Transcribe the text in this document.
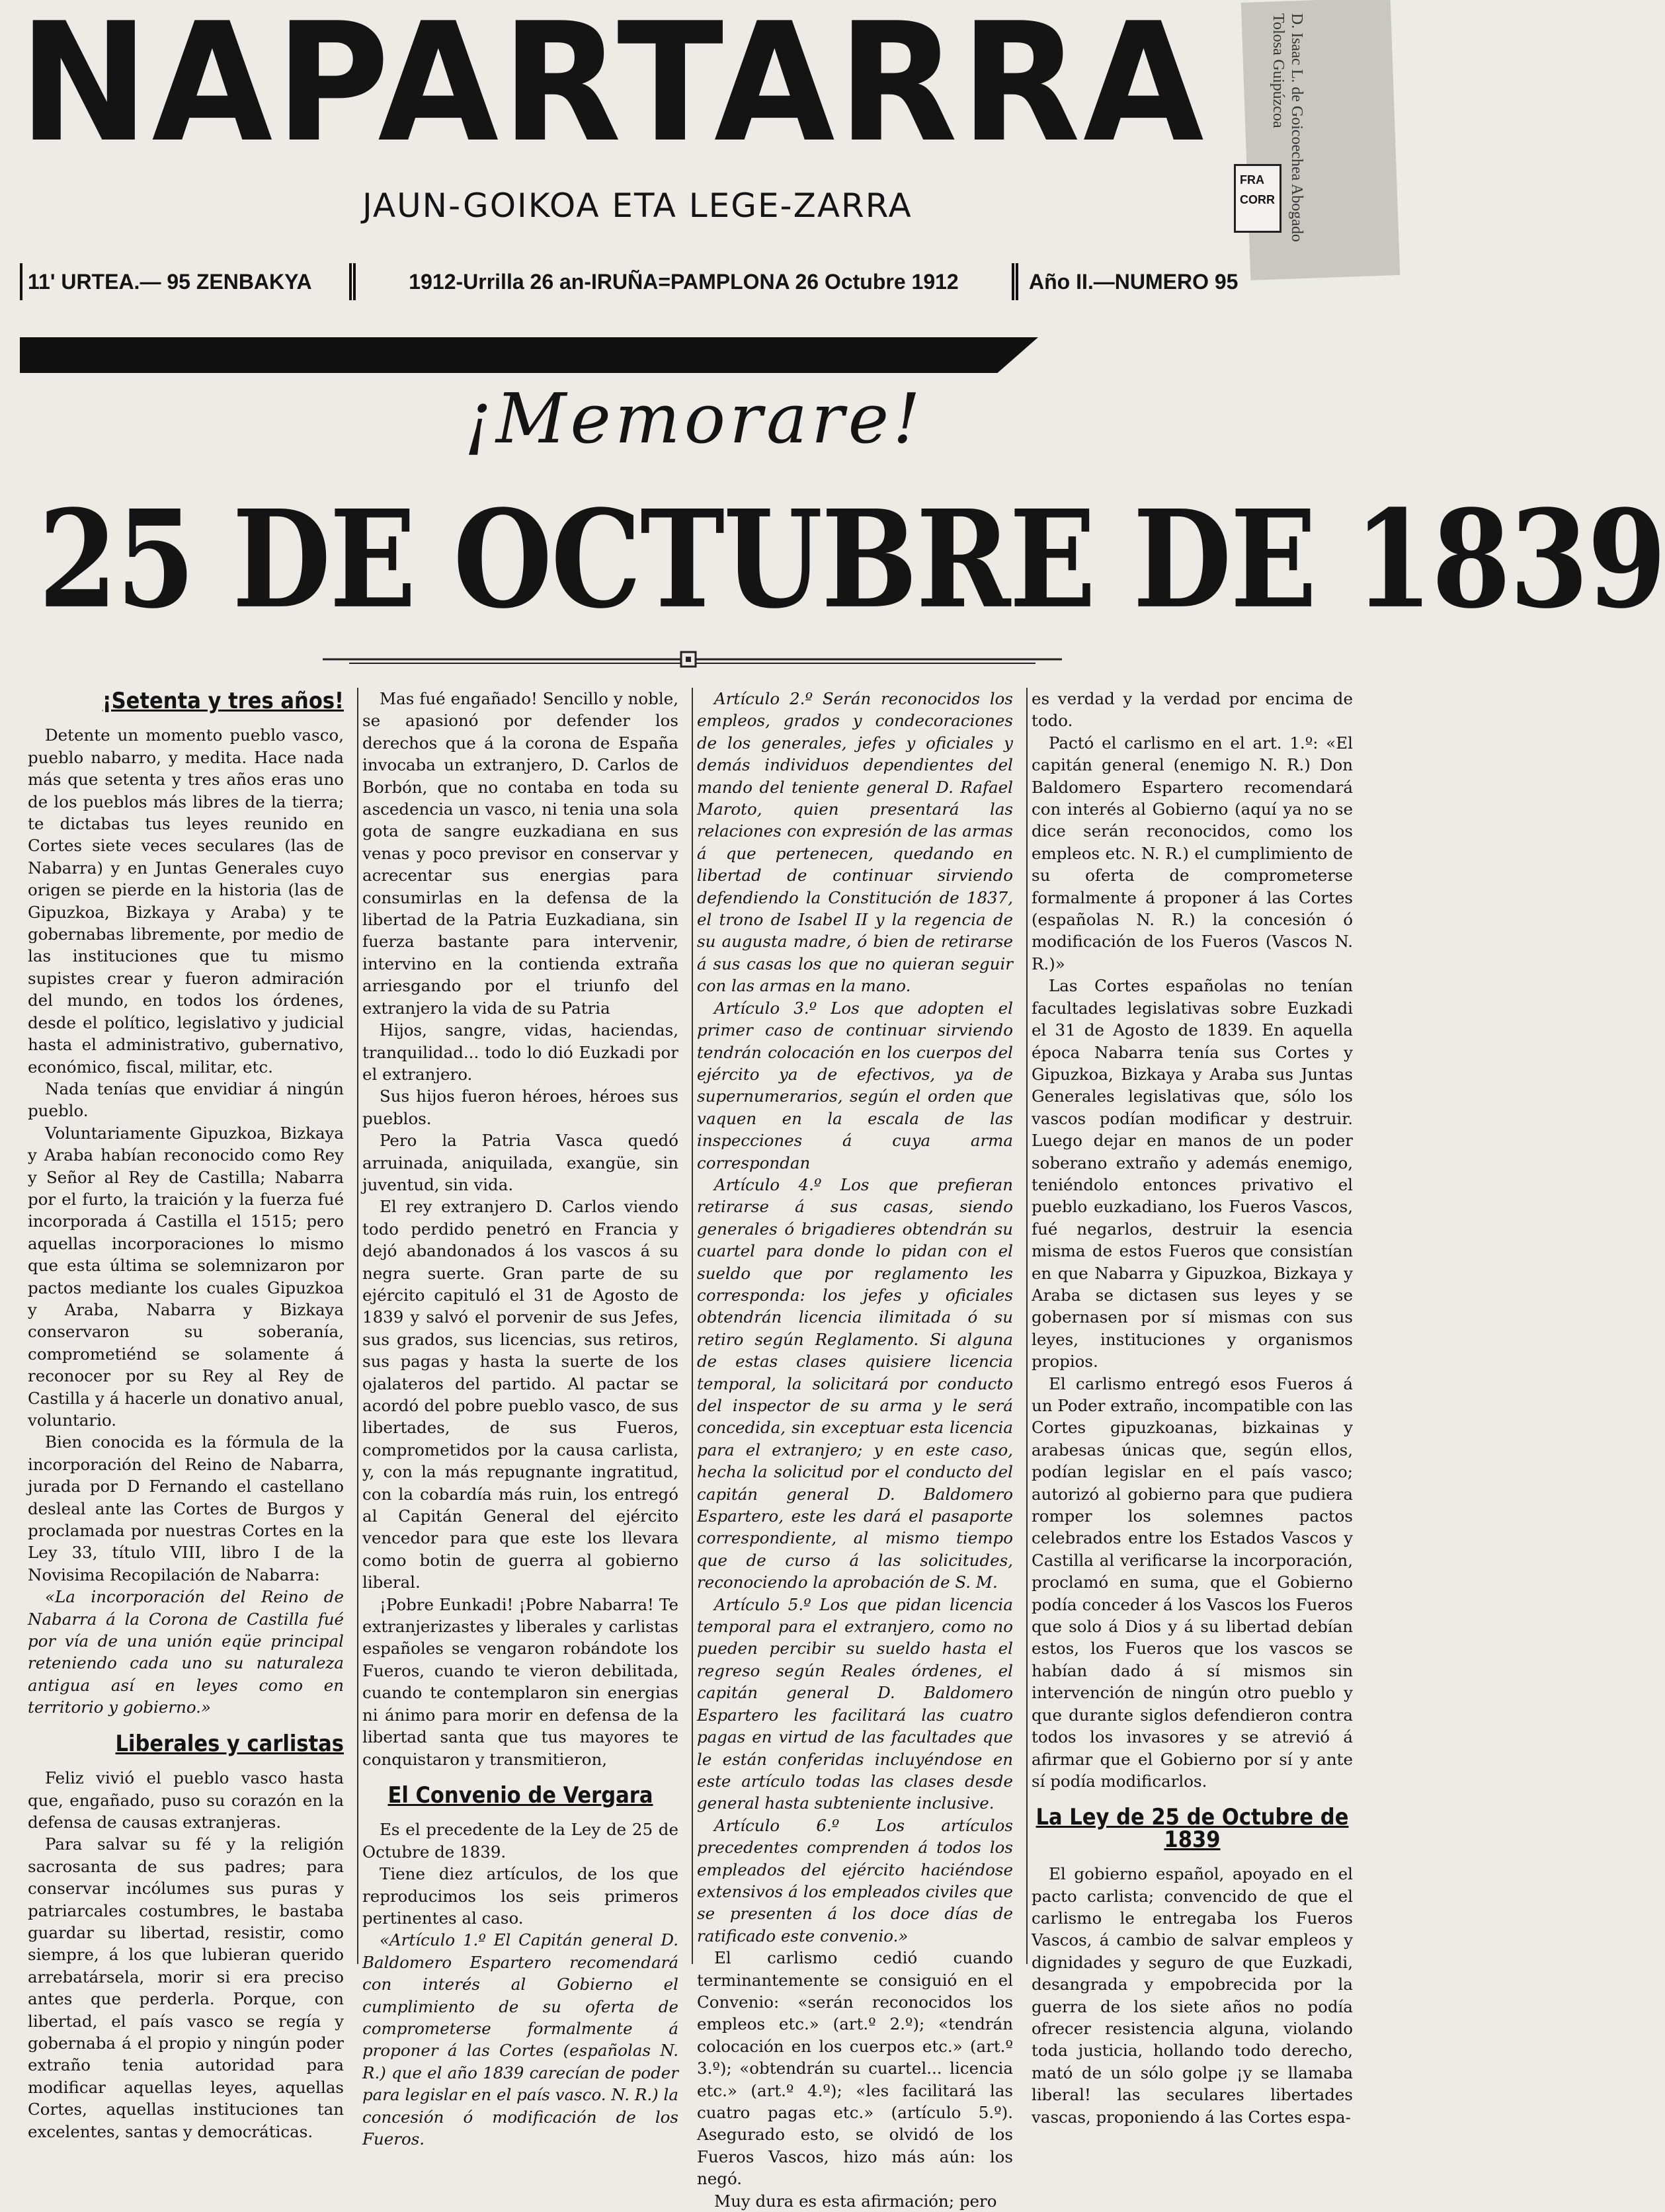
D. Isaac L. de Goicoechea Abogado Tolosa Guipúzcoa
NAPARTARRA
JAUN-GOIKOA ETA LEGE-ZARRA
FRA
CORR
11' URTEA.— 95 ZENBAKYA	1912-Urrilla 26 an-IRUÑA=PAMPLONA 26 Octubre 1912	Año II.—NUMERO 95
¡Memorare!
25 DE OCTUBRE DE 1839

¡Setenta y tres años!

Detente un momento pueblo vasco, pueblo nabarro, y medita. Hace nada más que setenta y tres años eras uno de los pueblos más libres de la tierra; te dictabas tus leyes reunido en Cortes siete veces seculares (las de Nabarra) y en Juntas Generales cuyo origen se pierde en la historia (las de Gipuzkoa, Bizkaya y Araba) y te gobernabas libremente, por medio de las instituciones que tu mismo supistes crear y fueron admiración del mundo, en todos los órdenes, desde el político, legislativo y judicial hasta el administrativo, gubernativo, económico, fiscal, militar, etc.

Nada tenías que envidiar á ningún pueblo.

Voluntariamente Gipuzkoa, Bizkaya y Araba habían reconocido como Rey y Señor al Rey de Castilla; Nabarra por el furto, la traición y la fuerza fué incorporada á Castilla el 1515; pero aquellas incorporaciones lo mismo que esta última se solemnizaron por pactos mediante los cuales Gipuzkoa y Araba, Nabarra y Bizkaya conservaron su soberanía, comprometiénd se solamente á reconocer por su Rey al Rey de Castilla y á hacerle un donativo anual, voluntario.

Bien conocida es la fórmula de la incorporación del Reino de Nabarra, jurada por D Fernando el castellano desleal ante las Cortes de Burgos y proclamada por nuestras Cortes en la Ley 33, título VIII, libro I de la Novisima Recopilación de Nabarra:

«La incorporación del Reino de Nabarra á la Corona de Castilla fué por vía de una unión eqüe principal reteniendo cada uno su naturaleza antigua así en leyes como en territorio y gobierno.»

Liberales y carlistas

Feliz vivió el pueblo vasco hasta que, engañado, puso su corazón en la defensa de causas extranjeras.

Para salvar su fé y la religión sacrosanta de sus padres; para conservar incólumes sus puras y patriarcales costumbres, le bastaba guardar su libertad, resistir, como siempre, á los que lubieran querido arrebatársela, morir si era preciso antes que perderla. Porque, con libertad, el país vasco se regía y gobernaba á el propio y ningún poder extraño tenia autoridad para modificar aquellas leyes, aquellas Cortes, aquellas instituciones tan excelentes, santas y democráticas.

Mas fué engañado! Sencillo y noble, se apasionó por defender los derechos que á la corona de España invocaba un extranjero, D. Carlos de Borbón, que no contaba en toda su ascedencia un vasco, ni tenia una sola gota de sangre euzkadiana en sus venas y poco previsor en conservar y acrecentar sus energias para consumirlas en la defensa de la libertad de la Patria Euzkadiana, sin fuerza bastante para intervenir, intervino en la contienda extraña arriesgando por el triunfo del extranjero la vida de su Patria

Hijos, sangre, vidas, haciendas, tranquilidad... todo lo dió Euzkadi por el extranjero.

Sus hijos fueron héroes, héroes sus pueblos.

Pero la Patria Vasca quedó arruinada, aniquilada, exangüe, sin juventud, sin vida.

El rey extranjero D. Carlos viendo todo perdido penetró en Francia y dejó abandonados á los vascos á su negra suerte. Gran parte de su ejército capituló el 31 de Agosto de 1839 y salvó el porvenir de sus Jefes, sus grados, sus licencias, sus retiros, sus pagas y hasta la suerte de los ojalateros del partido. Al pactar se acordó del pobre pueblo vasco, de sus libertades, de sus Fueros, comprometidos por la causa carlista, y, con la más repugnante ingratitud, con la cobardía más ruin, los entregó al Capitán General del ejército vencedor para que este los llevara como botin de guerra al gobierno liberal.

¡Pobre Eunkadi! ¡Pobre Nabarra! Te extranjerizastes y liberales y carlistas españoles se vengaron robándote los Fueros, cuando te vieron debilitada, cuando te contemplaron sin energias ni ánimo para morir en defensa de la libertad santa que tus mayores te conquistaron y transmitieron,

El Convenio de Vergara

Es el precedente de la Ley de 25 de Octubre de 1839.

Tiene diez artículos, de los que reproducimos los seis primeros pertinentes al caso.

«Artículo 1.º El Capitán general D. Baldomero Espartero recomendará con interés al Gobierno el cumplimiento de su oferta de comprometerse formalmente á proponer á las Cortes (españolas N. R.) que el año 1839 carecían de poder para legislar en el país vasco. N. R.) la concesión ó modificación de los Fueros.

Artículo 2.º Serán reconocidos los empleos, grados y condecoraciones de los generales, jefes y oficiales y demás individuos dependientes del mando del teniente general D. Rafael Maroto, quien presentará las relaciones con expresión de las armas á que pertenecen, quedando en libertad de continuar sirviendo defendiendo la Constitución de 1837, el trono de Isabel II y la regencia de su augusta madre, ó bien de retirarse á sus casas los que no quieran seguir con las armas en la mano.

Artículo 3.º Los que adopten el primer caso de continuar sirviendo tendrán colocación en los cuerpos del ejército ya de efectivos, ya de supernumerarios, según el orden que vaquen en la escala de las inspecciones á cuya arma correspondan

Artículo 4.º Los que prefieran retirarse á sus casas, siendo generales ó brigadieres obtendrán su cuartel para donde lo pidan con el sueldo que por reglamento les corresponda: los jefes y oficiales obtendrán licencia ilimitada ó su retiro según Reglamento. Si alguna de estas clases quisiere licencia temporal, la solicitará por conducto del inspector de su arma y le será concedida, sin exceptuar esta licencia para el extranjero; y en este caso, hecha la solicitud por el conducto del capitán general D. Baldomero Espartero, este les dará el pasaporte correspondiente, al mismo tiempo que de curso á las solicitudes, reconociendo la aprobación de S. M.

Artículo 5.º Los que pidan licencia temporal para el extranjero, como no pueden percibir su sueldo hasta el regreso según Reales órdenes, el capitán general D. Baldomero Espartero les facilitará las cuatro pagas en virtud de las facultades que le están conferidas incluyéndose en este artículo todas las clases desde general hasta subteniente inclusive.

Artículo 6.º Los artículos precedentes comprenden á todos los empleados del ejército haciéndose extensivos á los empleados civiles que se presenten á los doce días de ratificado este convenio.»

El carlismo cedió cuando terminantemente se consiguió en el Convenio: «serán reconocidos los empleos etc.» (art.º 2.º); «tendrán colocación en los cuerpos etc.» (art.º 3.º); «obtendrán su cuartel... licencia etc.» (art.º 4.º); «les facilitará las cuatro pagas etc.» (artículo 5.º). Asegurado esto, se olvidó de los Fueros Vascos, hizo más aún: los negó.

Muy dura es esta afirmación; pero

es verdad y la verdad por encima de todo.

Pactó el carlismo en el art. 1.º: «El capitán general (enemigo N. R.) Don Baldomero Espartero recomendará con interés al Gobierno (aquí ya no se dice serán reconocidos, como los empleos etc. N. R.) el cumplimiento de su oferta de comprometerse formalmente á proponer á las Cortes (españolas N. R.) la concesión ó modificación de los Fueros (Vascos N. R.)»

Las Cortes españolas no tenían facultades legislativas sobre Euzkadi el 31 de Agosto de 1839. En aquella época Nabarra tenía sus Cortes y Gipuzkoa, Bizkaya y Araba sus Juntas Generales legislativas que, sólo los vascos podían modificar y destruir. Luego dejar en manos de un poder soberano extraño y además enemigo, teniéndolo entonces privativo el pueblo euzkadiano, los Fueros Vascos, fué negarlos, destruir la esencia misma de estos Fueros que consistían en que Nabarra y Gipuzkoa, Bizkaya y Araba se dictasen sus leyes y se gobernasen por sí mismas con sus leyes, instituciones y organismos propios.

El carlismo entregó esos Fueros á un Poder extraño, incompatible con las Cortes gipuzkoanas, bizkainas y arabesas únicas que, según ellos, podían legislar en el país vasco; autorizó al gobierno para que pudiera romper los solemnes pactos celebrados entre los Estados Vascos y Castilla al verificarse la incorporación, proclamó en suma, que el Gobierno podía conceder á los Vascos los Fueros que solo á Dios y á su libertad debían estos, los Fueros que los vascos se habían dado á sí mismos sin intervención de ningún otro pueblo y que durante siglos defendieron contra todos los invasores y se atrevió á afirmar que el Gobierno por sí y ante sí podía modificarlos.

La Ley de 25 de Octubre de 1839

El gobierno español, apoyado en el pacto carlista; convencido de que el carlismo le entregaba los Fueros Vascos, á cambio de salvar empleos y dignidades y seguro de que Euzkadi, desangrada y empobrecida por la guerra de los siete años no podía ofrecer resistencia alguna, violando toda justicia, hollando todo derecho, mató de un sólo golpe ¡y se llamaba liberal! las seculares libertades vascas, proponiendo á las Cortes espa-
